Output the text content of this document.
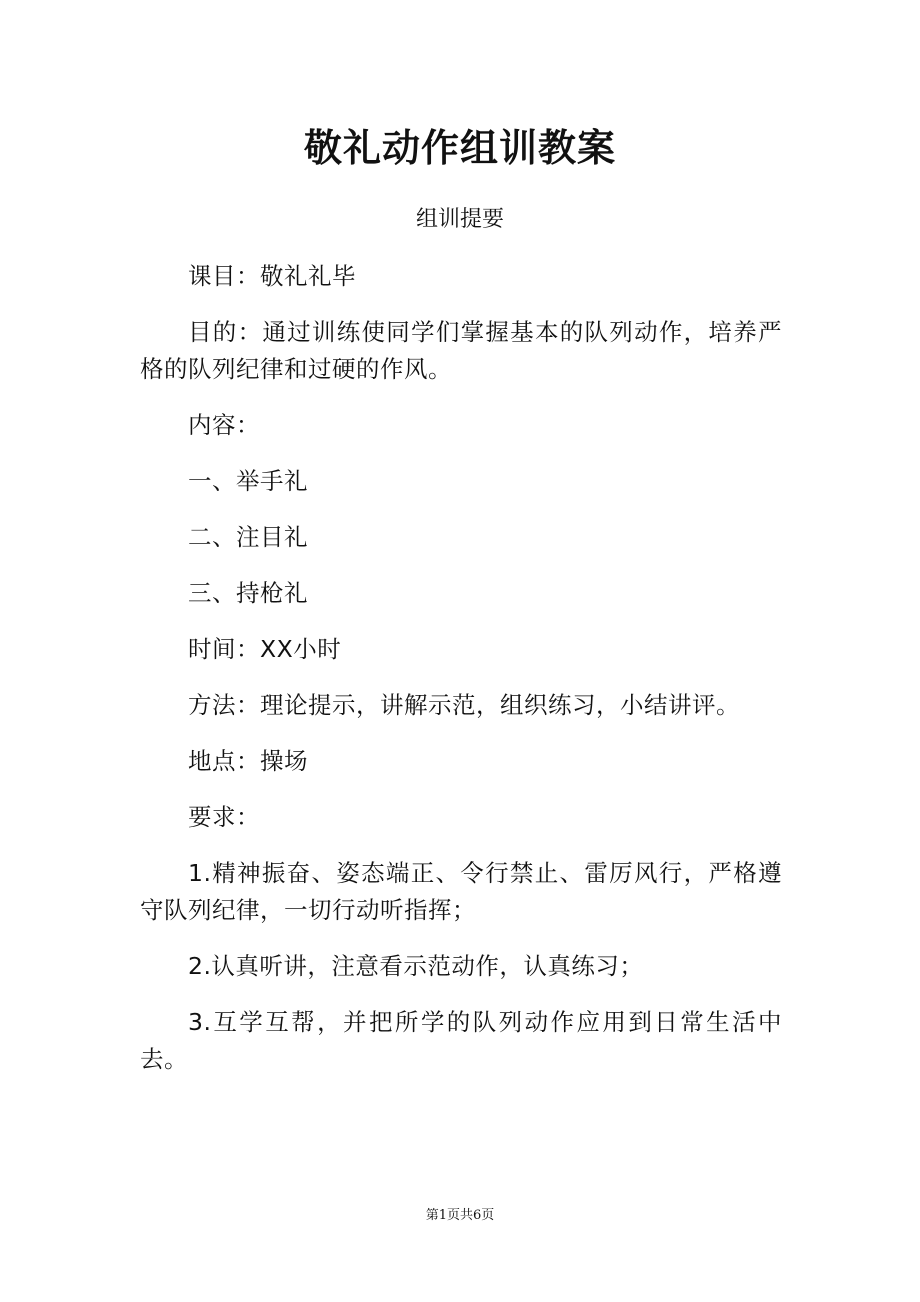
敬礼动作组训教案
组训提要

课目：敬礼礼毕

目的：通过训练使同学们掌握基本的队列动作，培养严格的队列纪律和过硬的作风。

内容：

一、举手礼

二、注目礼

三、持枪礼

时间：XX小时

方法：理论提示，讲解示范，组织练习，小结讲评。

地点：操场

要求：

1.精神振奋、姿态端正、令行禁止、雷厉风行，严格遵守队列纪律，一切行动听指挥；

2.认真听讲，注意看示范动作，认真练习；

3.互学互帮，并把所学的队列动作应用到日常生活中去。

第1页共6页
